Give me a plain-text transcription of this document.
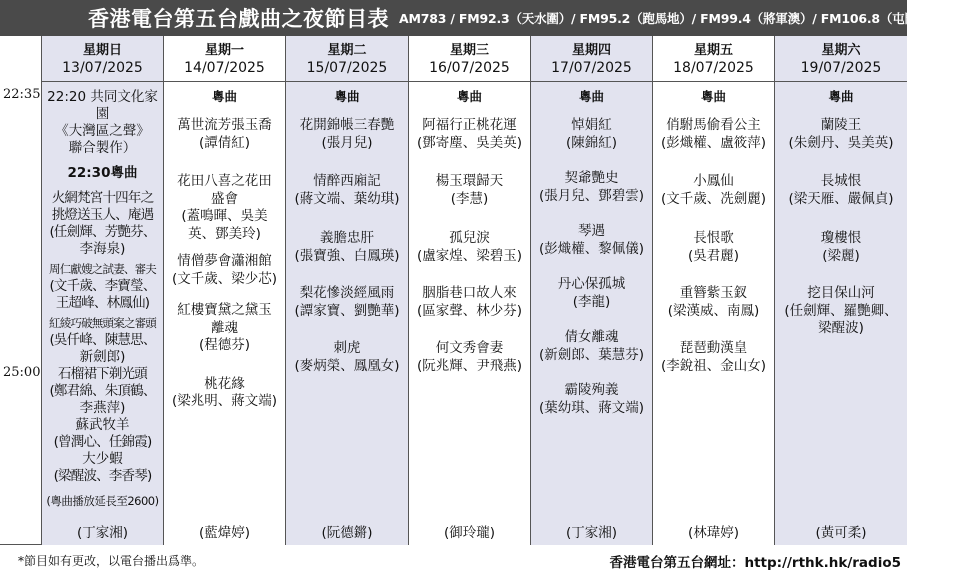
香港電台第五台戲曲之夜節目表 AM783 / FM92.3（天水圍）/ FM95.2（跑馬地）/ FM99.4（將軍澳）/ FM106.8（屯門、元朗）
22:35
25:00
星期日
13/07/2025
22:20 共同文化家園
《大灣區之聲》
聯合製作）
22:30粵曲
火網梵宮十四年之
挑燈送玉人、庵遇
(任劍輝、芳艷芬、
李海泉)
周仁獻嫂之試妻、審夫
(文千歲、李寶瑩、
王超峰、林鳳仙)
紅綾巧破無頭案之審頭
(吳仟峰、陳慧思、
新劍郎)
石榴裙下剃光頭
(鄭君綿、朱頂鶴、
李燕萍)
蘇武牧羊
(曾潤心、任錦霞)
大少蝦
(梁醒波、李香琴)
(粵曲播放延長至2600)
(丁家湘)
星期一
14/07/2025
粵曲
萬世流芳張玉喬
(譚倩紅)
花田八喜之花田盛會
(蓋鳴暉、吳美英、鄧美玲)
情僧夢會瀟湘館
(文千歲、梁少芯)
紅樓寶黛之黛玉離魂
(程德芬)
桃花緣
(梁兆明、蔣文端)
(藍煒婷)
星期二
15/07/2025
粵曲
花開錦帳三春艷
(張月兒)
情醉西廂記
(蔣文端、葉幼琪)
義膽忠肝
(張寶強、白鳳瑛)
梨花慘淡經風雨
(譚家寶、劉艷華)
刺虎
(麥炳榮、鳳凰女)
(阮德鏘)
星期三
16/07/2025
粵曲
阿福行正桃花運
(鄧寄塵、吳美英)
楊玉環歸天
(李慧)
孤兒淚
(盧家煌、梁碧玉)
胭脂巷口故人來
(區家聲、林少芬)
何文秀會妻
(阮兆輝、尹飛燕)
(御玲瓏)
星期四
17/07/2025
粵曲
悼娟紅
(陳錦紅)
契爺艷史
(張月兒、鄧碧雲)
琴遇
(彭熾權、黎佩儀)
丹心保孤城
(李龍)
倩女離魂
(新劍郎、葉慧芬)
霸陵殉義
(葉幼琪、蔣文端)
(丁家湘)
星期五
18/07/2025
粵曲
俏駙馬偷看公主
(彭熾權、盧筱萍)
小鳳仙
(文千歲、冼劍麗)
長恨歌
(吳君麗)
重簪紫玉釵
(梁漢威、南鳳)
琵琶動漢皇
(李銳祖、金山女)
(林瑋婷)
星期六
19/07/2025
粵曲
蘭陵王
(朱劍丹、吳美英)
長城恨
(梁天雁、嚴佩貞)
瓊樓恨
(梁麗)
挖目保山河
(任劍輝、羅艷卿、梁醒波)
(黃可柔)
*節目如有更改，以電台播出爲準。	香港電台第五台網址：http://rthk.hk/radio5
